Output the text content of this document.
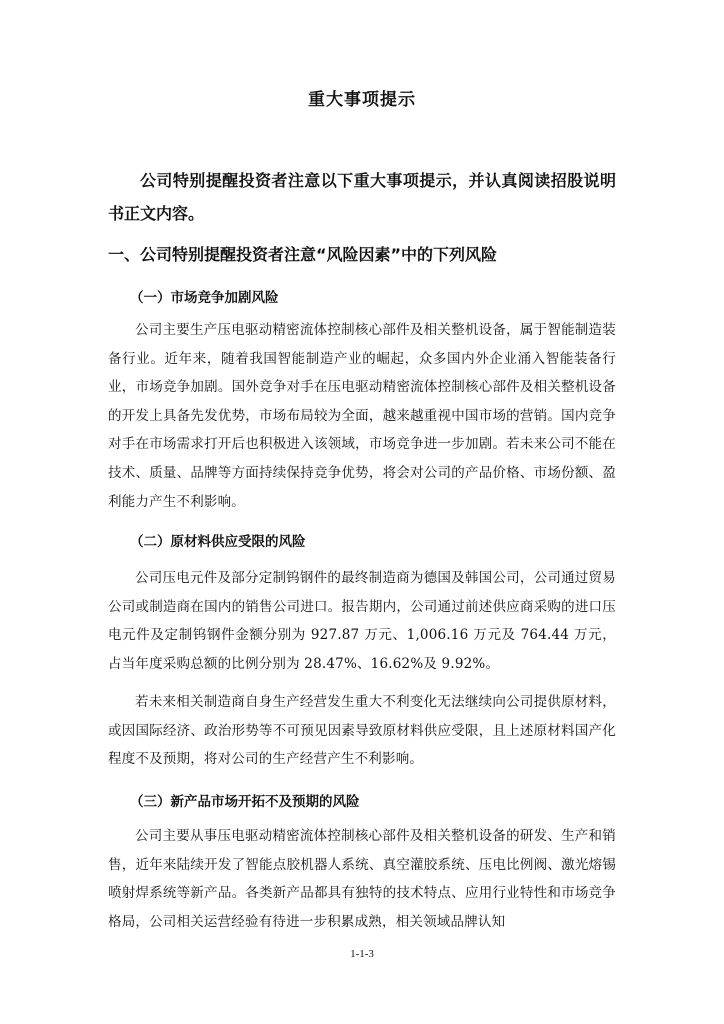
重大事项提示
公司特别提醒投资者注意以下重大事项提示，并认真阅读招股说明书正文内容。
一、公司特别提醒投资者注意“风险因素”中的下列风险
（一）市场竞争加剧风险
公司主要生产压电驱动精密流体控制核心部件及相关整机设备，属于智能制造装备行业。近年来，随着我国智能制造产业的崛起，众多国内外企业涌入智能装备行业，市场竞争加剧。国外竞争对手在压电驱动精密流体控制核心部件及相关整机设备的开发上具备先发优势，市场布局较为全面，越来越重视中国市场的营销。国内竞争对手在市场需求打开后也积极进入该领域，市场竞争进一步加剧。若未来公司不能在技术、质量、品牌等方面持续保持竞争优势，将会对公司的产品价格、市场份额、盈利能力产生不利影响。
（二）原材料供应受限的风险
公司压电元件及部分定制钨钢件的最终制造商为德国及韩国公司，公司通过贸易公司或制造商在国内的销售公司进口。报告期内，公司通过前述供应商采购的进口压电元件及定制钨钢件金额分别为 927.87 万元、1,006.16 万元及 764.44 万元，占当年度采购总额的比例分别为 28.47%、16.62%及 9.92%。
若未来相关制造商自身生产经营发生重大不利变化无法继续向公司提供原材料，或因国际经济、政治形势等不可预见因素导致原材料供应受限，且上述原材料国产化程度不及预期，将对公司的生产经营产生不利影响。
（三）新产品市场开拓不及预期的风险
公司主要从事压电驱动精密流体控制核心部件及相关整机设备的研发、生产和销售，近年来陆续开发了智能点胶机器人系统、真空灌胶系统、压电比例阀、激光熔锡喷射焊系统等新产品。各类新产品都具有独特的技术特点、应用行业特性和市场竞争格局，公司相关运营经验有待进一步积累成熟，相关领域品牌认知
1-1-3
